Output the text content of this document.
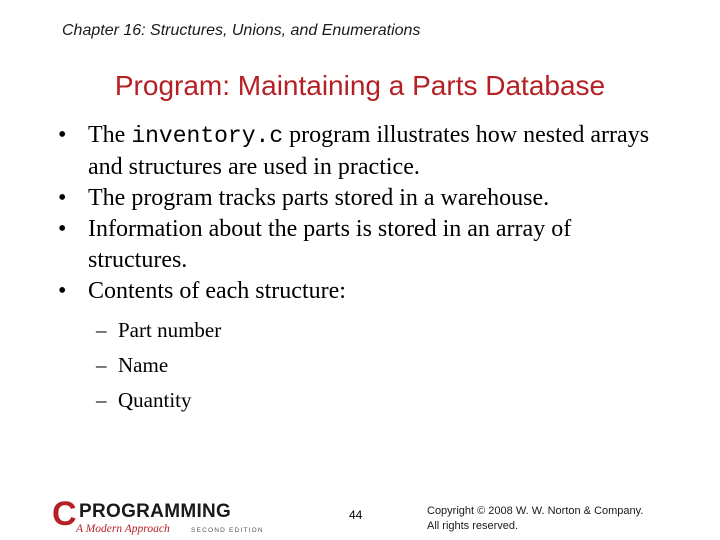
Chapter 16: Structures, Unions, and Enumerations
Program: Maintaining a Parts Database
• The inventory.c program illustrates how nested arrays and structures are used in practice.
• The program tracks parts stored in a warehouse.
• Information about the parts is stored in an array of structures.
• Contents of each structure:
– Part number
– Name
– Quantity
C PROGRAMMING
A Modern Approach	SECOND EDITION
44	Copyright © 2008 W. W. Norton & Company.
All rights reserved.
